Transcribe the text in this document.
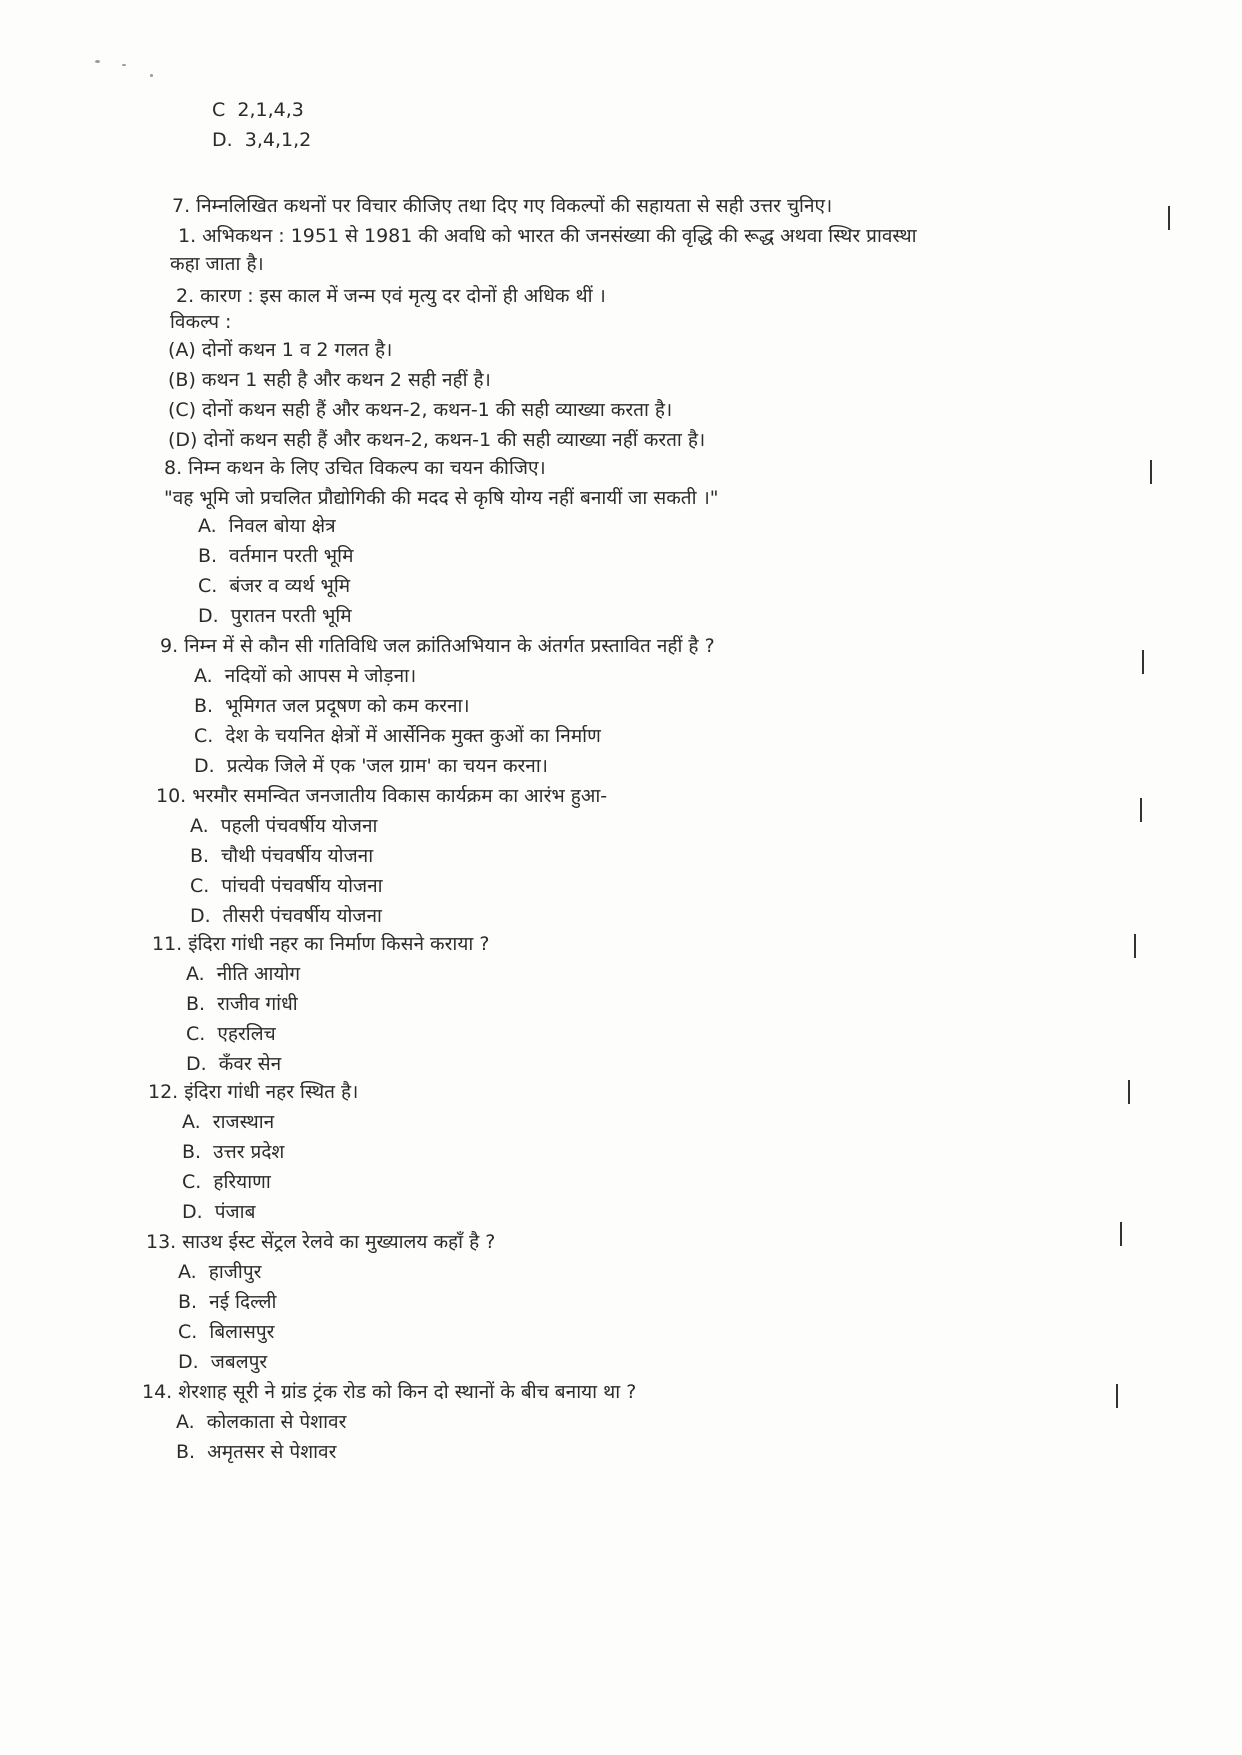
C 2,1,4,3
D. 3,4,1,2
7. निम्नलिखित कथनों पर विचार कीजिए तथा दिए गए विकल्पों की सहायता से सही उत्तर चुनिए।
1. अभिकथन : 1951 से 1981 की अवधि को भारत की जनसंख्या की वृद्धि की रूद्ध अथवा स्थिर प्रावस्था
कहा जाता है।
2. कारण : इस काल में जन्म एवं मृत्यु दर दोनों ही अधिक थीं ।
विकल्प :
(A) दोनों कथन 1 व 2 गलत है।
(B) कथन 1 सही है और कथन 2 सही नहीं है।
(C) दोनों कथन सही हैं और कथन-2, कथन-1 की सही व्याख्या करता है।
(D) दोनों कथन सही हैं और कथन-2, कथन-1 की सही व्याख्या नहीं करता है।
8. निम्न कथन के लिए उचित विकल्प का चयन कीजिए।
"वह भूमि जो प्रचलित प्रौद्योगिकी की मदद से कृषि योग्य नहीं बनायीं जा सकती ।"
A. निवल बोया क्षेत्र
B. वर्तमान परती भूमि
C. बंजर व व्यर्थ भूमि
D. पुरातन परती भूमि
9. निम्न में से कौन सी गतिविधि जल क्रांतिअभियान के अंतर्गत प्रस्तावित नहीं है ?
A. नदियों को आपस मे जोड़ना।
B. भूमिगत जल प्रदूषण को कम करना।
C. देश के चयनित क्षेत्रों में आर्सेनिक मुक्त कुओं का निर्माण
D. प्रत्येक जिले में एक 'जल ग्राम' का चयन करना।
10. भरमौर समन्वित जनजातीय विकास कार्यक्रम का आरंभ हुआ-
A. पहली पंचवर्षीय योजना
B. चौथी पंचवर्षीय योजना
C. पांचवी पंचवर्षीय योजना
D. तीसरी पंचवर्षीय योजना
11. इंदिरा गांधी नहर का निर्माण किसने कराया ?
A. नीति आयोग
B. राजीव गांधी
C. एहरलिच
D. कँवर सेन
12. इंदिरा गांधी नहर स्थित है।
A. राजस्थान
B. उत्तर प्रदेश
C. हरियाणा
D. पंजाब
13. साउथ ईस्ट सेंट्रल रेलवे का मुख्यालय कहाँ है ?
A. हाजीपुर
B. नई दिल्ली
C. बिलासपुर
D. जबलपुर
14. शेरशाह सूरी ने ग्रांड ट्रंक रोड को किन दो स्थानों के बीच बनाया था ?
A. कोलकाता से पेशावर
B. अमृतसर से पेशावर
